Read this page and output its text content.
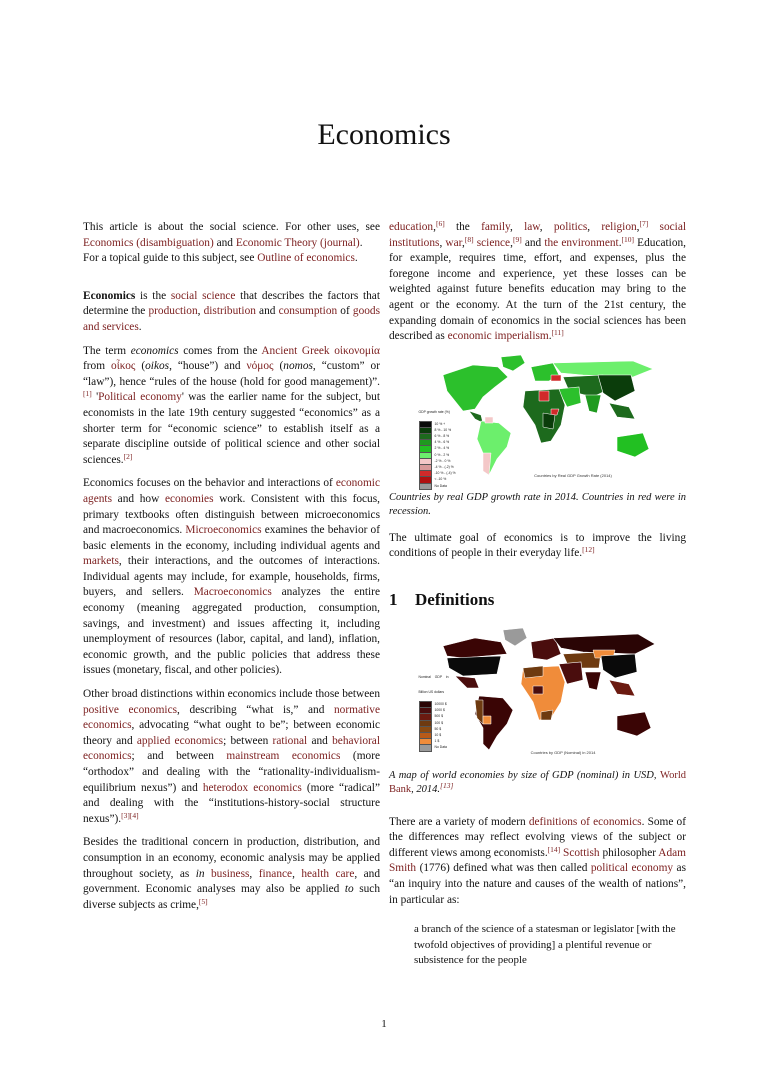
Economics

This article is about the social science. For other uses, see Economics (disambiguation) and Economic Theory (journal).

For a topical guide to this subject, see Outline of economics.

Economics is the social science that describes the factors that determine the production, distribution and consumption of goods and services.

The term economics comes from the Ancient Greek οἰκονομία from οἶκος (oikos, “house”) and νόμος (nomos, “custom” or “law”), hence “rules of the house (hold for good management)”.[1] 'Political economy' was the earlier name for the subject, but economists in the late 19th century suggested “economics” as a shorter term for “economic science” to establish itself as a separate discipline outside of political science and other social sciences.[2]

Economics focuses on the behavior and interactions of economic agents and how economies work. Consistent with this focus, primary textbooks often distinguish between microeconomics and macroeconomics. Microeconomics examines the behavior of basic elements in the economy, including individual agents and markets, their interactions, and the outcomes of interactions. Individual agents may include, for example, households, firms, buyers, and sellers. Macroeconomics analyzes the entire economy (meaning aggregated production, consumption, savings, and investment) and issues affecting it, including unemployment of resources (labor, capital, and land), inflation, economic growth, and the public policies that address these issues (monetary, fiscal, and other policies).

Other broad distinctions within economics include those between positive economics, describing “what is,” and normative economics, advocating “what ought to be”; between economic theory and applied economics; between rational and behavioral economics; and between mainstream economics (more “orthodox” and dealing with the “rationality-individualism-equilibrium nexus”) and heterodox economics (more “radical” and dealing with the “institutions-history-social structure nexus”).[3][4]

Besides the traditional concern in production, distribution, and consumption in an economy, economic analysis may be applied throughout society, as in business, finance, health care, and government. Economic analyses may also be applied to such diverse subjects as crime,[5]

education,[6] the family, law, politics, religion,[7] social institutions, war,[8] science,[9] and the environment.[10] Education, for example, requires time, effort, and expenses, plus the foregone income and experience, yet these losses can be weighted against future benefits education may bring to the agent or the economy. At the turn of the 21st century, the expanding domain of economics in the social sciences has been described as economic imperialism.[11]

Countries by Real GDP Growth Rate (2014)
GDP growth rate (%)
10 % +
8 % - 10 %
6 % - 8 %
4 % - 6 %
2 % - 4 %
0 % - 2 %
-2 % - 0 %
-4 % - (-2) %
-10 % - (-4) %
< -10 %
No Data

Countries by real GDP growth rate in 2014. Countries in red were in recession.

The ultimate goal of economics is to improve the living conditions of people in their everyday life.[12]

1 Definitions
Countries by GDP (Nominal) in 2014
Nominal GDP in Billion US dollars
10000 $
1000 $
500 $
100 $
50 $
10 $
1 $
No Data

A map of world economies by size of GDP (nominal) in USD, World Bank, 2014.[13]

There are a variety of modern definitions of economics. Some of the differences may reflect evolving views of the subject or different views among economists.[14] Scottish philosopher Adam Smith (1776) defined what was then called political economy as “an inquiry into the nature and causes of the wealth of nations”, in particular as:

a branch of the science of a statesman or legislator [with the twofold objectives of providing] a plentiful revenue or subsistence for the people

1
